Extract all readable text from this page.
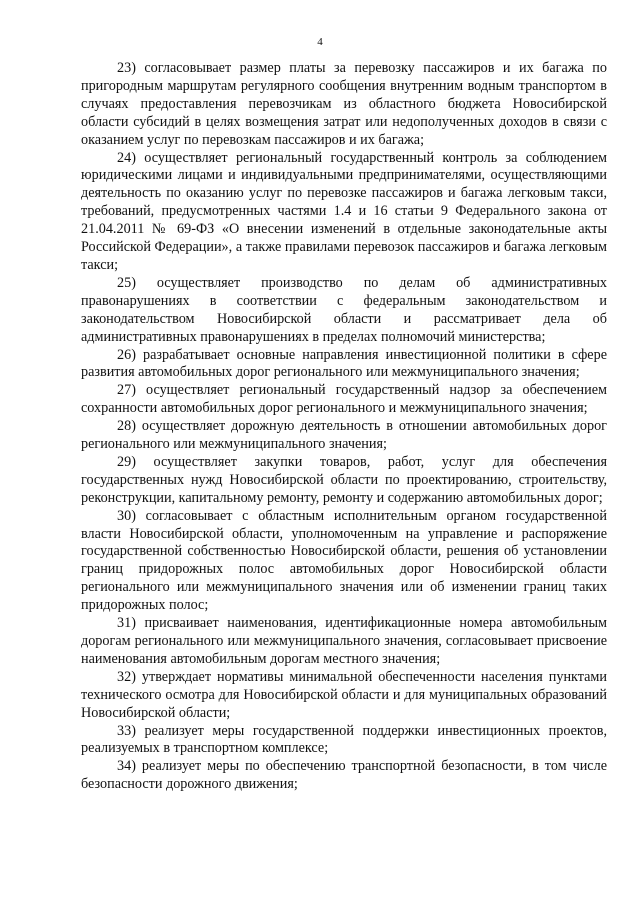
4

23) согласовывает размер платы за перевозку пассажиров и их багажа по пригородным маршрутам регулярного сообщения внутренним водным транспортом в случаях предоставления перевозчикам из областного бюджета Новосибирской области субсидий в целях возмещения затрат или недополученных доходов в связи с оказанием услуг по перевозкам пассажиров и их багажа;

24) осуществляет региональный государственный контроль за соблюдением юридическими лицами и индивидуальными предпринимателями, осуществляющими деятельность по оказанию услуг по перевозке пассажиров и багажа легковым такси, требований, предусмотренных частями 1.4 и 16 статьи 9 Федерального закона от 21.04.2011 № 69-ФЗ «О внесении изменений в отдельные законодательные акты Российской Федерации», а также правилами перевозок пассажиров и багажа легковым такси;

25) осуществляет производство по делам об административных правонарушениях в соответствии с федеральным законодательством и законодательством Новосибирской области и рассматривает дела об административных правонарушениях в пределах полномочий министерства;

26) разрабатывает основные направления инвестиционной политики в сфере развития автомобильных дорог регионального или межмуниципального значения;

27) осуществляет региональный государственный надзор за обеспечением сохранности автомобильных дорог регионального и межмуниципального значения;

28) осуществляет дорожную деятельность в отношении автомобильных дорог регионального или межмуниципального значения;

29) осуществляет закупки товаров, работ, услуг для обеспечения государственных нужд Новосибирской области по проектированию, строительству, реконструкции, капитальному ремонту, ремонту и содержанию автомобильных дорог;

30) согласовывает с областным исполнительным органом государственной власти Новосибирской области, уполномоченным на управление и распоряжение государственной собственностью Новосибирской области, решения об установлении границ придорожных полос автомобильных дорог Новосибирской области регионального или межмуниципального значения или об изменении границ таких придорожных полос;

31) присваивает наименования, идентификационные номера автомобильным дорогам регионального или межмуниципального значения, согласовывает присвоение наименования автомобильным дорогам местного значения;

32) утверждает нормативы минимальной обеспеченности населения пунктами технического осмотра для Новосибирской области и для муниципальных образований Новосибирской области;

33) реализует меры государственной поддержки инвестиционных проектов, реализуемых в транспортном комплексе;

34) реализует меры по обеспечению транспортной безопасности, в том числе безопасности дорожного движения;
